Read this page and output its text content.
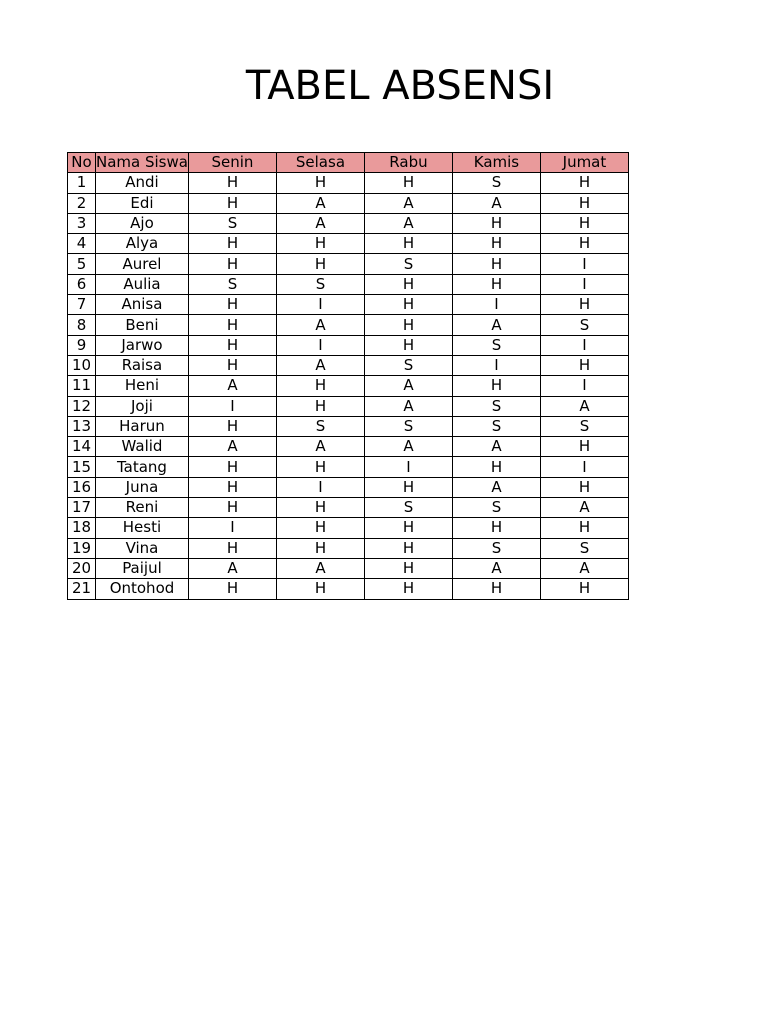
TABEL ABSENSI
No	Nama Siswa	Senin	Selasa	Rabu	Kamis	Jumat
1	Andi	H	H	H	S	H
2	Edi	H	A	A	A	H
3	Ajo	S	A	A	H	H
4	Alya	H	H	H	H	H
5	Aurel	H	H	S	H	I
6	Aulia	S	S	H	H	I
7	Anisa	H	I	H	I	H
8	Beni	H	A	H	A	S
9	Jarwo	H	I	H	S	I
10	Raisa	H	A	S	I	H
11	Heni	A	H	A	H	I
12	Joji	I	H	A	S	A
13	Harun	H	S	S	S	S
14	Walid	A	A	A	A	H
15	Tatang	H	H	I	H	I
16	Juna	H	I	H	A	H
17	Reni	H	H	S	S	A
18	Hesti	I	H	H	H	H
19	Vina	H	H	H	S	S
20	Paijul	A	A	H	A	A
21	Ontohod	H	H	H	H	H
